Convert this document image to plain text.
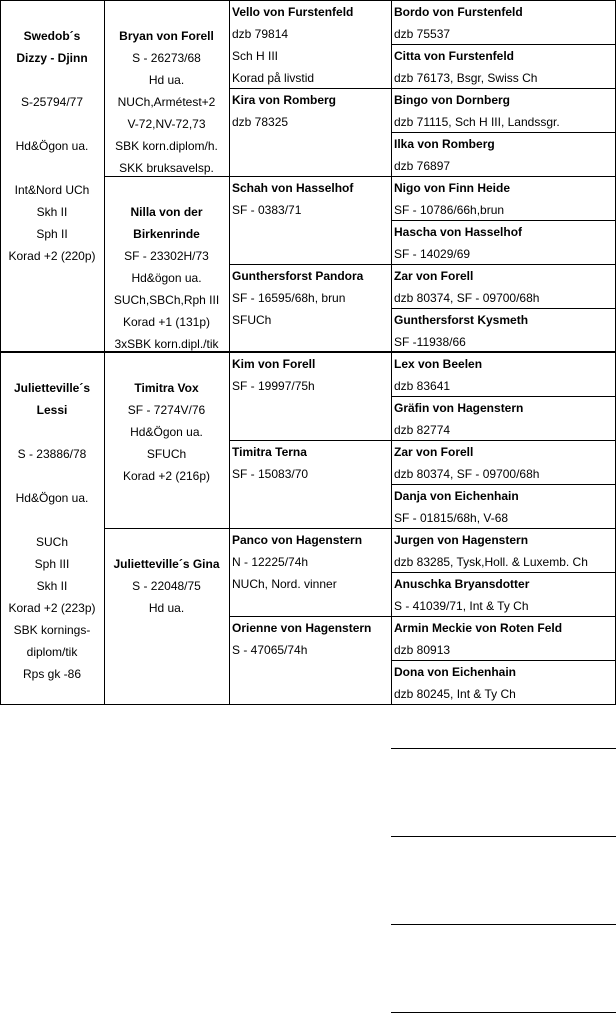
Swedob´s
Dizzy - Djinn
S-25794/77
Hd&Ögon ua.
Int&Nord UCh
Skh II
Sph II
Korad +2 (220p)
Bryan von Forell
S - 26273/68
Hd ua.
NUCh,Armétest+2
V-72,NV-72,73
SBK korn.diplom/h.
SKK bruksavelsp.
Vello von Furstenfeld
dzb 79814
Sch H III
Korad på livstid
Bordo von Furstenfeld
dzb 75537
Citta von Furstenfeld
dzb 76173, Bsgr, Swiss Ch
Kira von Romberg
dzb 78325
Bingo von Dornberg
dzb 71115, Sch H III, Landssgr.
Ilka von Romberg
dzb 76897
Nilla von der
Birkenrinde
SF - 23302H/73
Hd&ögon ua.
SUCh,SBCh,Rph III
Korad +1 (131p)
3xSBK korn.dipl./tik
Schah von Hasselhof
SF - 0383/71
Nigo von Finn Heide
SF - 10786/66h,brun
Hascha von Hasselhof
SF - 14029/69
Gunthersforst Pandora
SF - 16595/68h, brun
SFUCh
Zar von Forell
dzb 80374, SF - 09700/68h
Gunthersforst Kysmeth
SF -11938/66
Julietteville´s
Lessi
S - 23886/78
Hd&Ögon ua.
SUCh
Sph III
Skh II
Korad +2 (223p)
SBK kornings-
diplom/tik
Rps gk -86
Timitra Vox
SF - 7274V/76
Hd&Ögon ua.
SFUCh
Korad +2 (216p)
Kim von Forell
SF - 19997/75h
Lex von Beelen
dzb 83641
Gräfin von Hagenstern
dzb 82774
Timitra Terna
SF - 15083/70
Zar von Forell
dzb 80374, SF - 09700/68h
Danja von Eichenhain
SF - 01815/68h, V-68
Julietteville´s Gina
S - 22048/75
Hd ua.
Panco von Hagenstern
N - 12225/74h
NUCh, Nord. vinner
Jurgen von Hagenstern
dzb 83285, Tysk,Holl. & Luxemb. Ch
Anuschka Bryansdotter
S - 41039/71, Int & Ty Ch
Orienne von Hagenstern
S - 47065/74h
Armin Meckie von Roten Feld
dzb 80913
Dona von Eichenhain
dzb 80245, Int & Ty Ch
